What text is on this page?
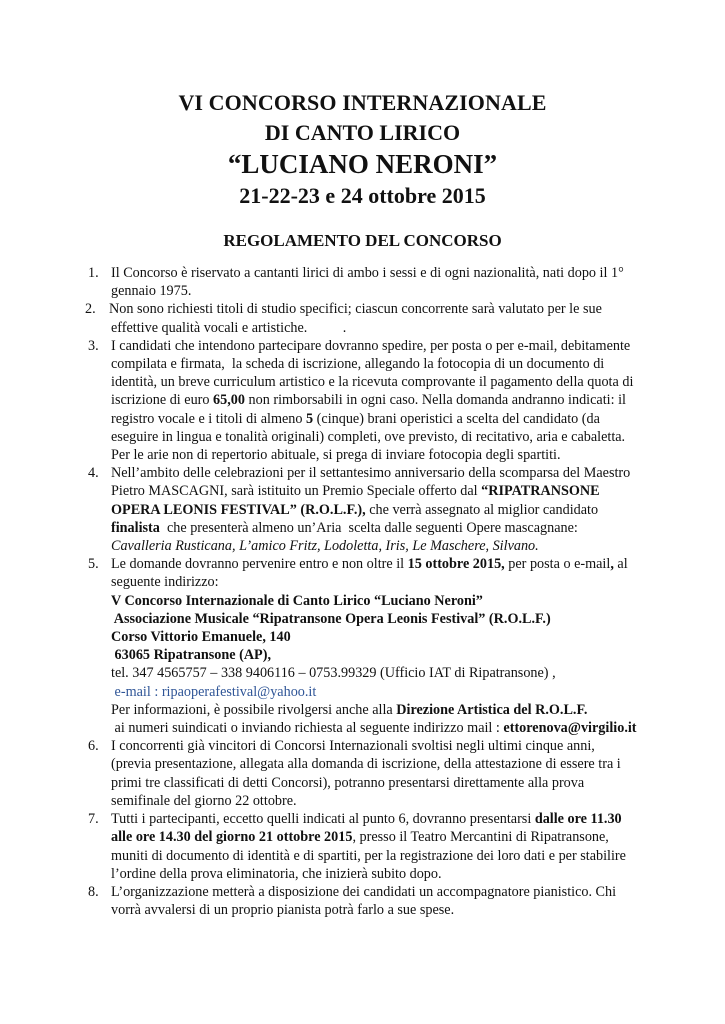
VI CONCORSO INTERNAZIONALE
DI CANTO LIRICO
“LUCIANO NERONI”
21-22-23 e 24 ottobre 2015
REGOLAMENTO DEL CONCORSO
1. Il Concorso è riservato a cantanti lirici di ambo i sessi e di ogni nazionalità, nati dopo il 1°
gennaio 1975.
2. Non sono richiesti titoli di studio specifici; ciascun concorrente sarà valutato per le sue
effettive qualità vocali e artistiche.          .
3. I candidati che intendono partecipare dovranno spedire, per posta o per e-mail, debitamente
compilata e firmata,  la scheda di iscrizione, allegando la fotocopia di un documento di
identità, un breve curriculum artistico e la ricevuta comprovante il pagamento della quota di
iscrizione di euro 65,00 non rimborsabili in ogni caso. Nella domanda andranno indicati: il
registro vocale e i titoli di almeno 5 (cinque) brani operistici a scelta del candidato (da
eseguire in lingua e tonalità originali) completi, ove previsto, di recitativo, aria e cabaletta.
Per le arie non di repertorio abituale, si prega di inviare fotocopia degli spartiti.
4. Nell’ambito delle celebrazioni per il settantesimo anniversario della scomparsa del Maestro
Pietro MASCAGNI, sarà istituito un Premio Speciale offerto dal “RIPATRANSONE
OPERA LEONIS FESTIVAL” (R.O.L.F.), che verrà assegnato al miglior candidato
finalista  che presenterà almeno un’Aria  scelta dalle seguenti Opere mascagnane:
Cavalleria Rusticana, L’amico Fritz, Lodoletta, Iris, Le Maschere, Silvano.
5. Le domande dovranno pervenire entro e non oltre il 15 ottobre 2015, per posta o e-mail, al
seguente indirizzo:
V Concorso Internazionale di Canto Lirico “Luciano Neroni”
Associazione Musicale “Ripatransone Opera Leonis Festival” (R.O.L.F.)
Corso Vittorio Emanuele, 140
63065 Ripatransone (AP),
tel. 347 4565757 – 338 9406116 – 0753.99329 (Ufficio IAT di Ripatransone) ,
e-mail : ripaoperafestival@yahoo.it
Per informazioni, è possibile rivolgersi anche alla Direzione Artistica del R.O.L.F.
ai numeri suindicati o inviando richiesta al seguente indirizzo mail : ettorenova@virgilio.it
6. I concorrenti già vincitori di Concorsi Internazionali svoltisi negli ultimi cinque anni,
(previa presentazione, allegata alla domanda di iscrizione, della attestazione di essere tra i
primi tre classificati di detti Concorsi), potranno presentarsi direttamente alla prova
semifinale del giorno 22 ottobre.
7. Tutti i partecipanti, eccetto quelli indicati al punto 6, dovranno presentarsi dalle ore 11.30
alle ore 14.30 del giorno 21 ottobre 2015, presso il Teatro Mercantini di Ripatransone,
muniti di documento di identità e di spartiti, per la registrazione dei loro dati e per stabilire
l’ordine della prova eliminatoria, che inizierà subito dopo.
8. L’organizzazione metterà a disposizione dei candidati un accompagnatore pianistico. Chi
vorrà avvalersi di un proprio pianista potrà farlo a sue spese.
